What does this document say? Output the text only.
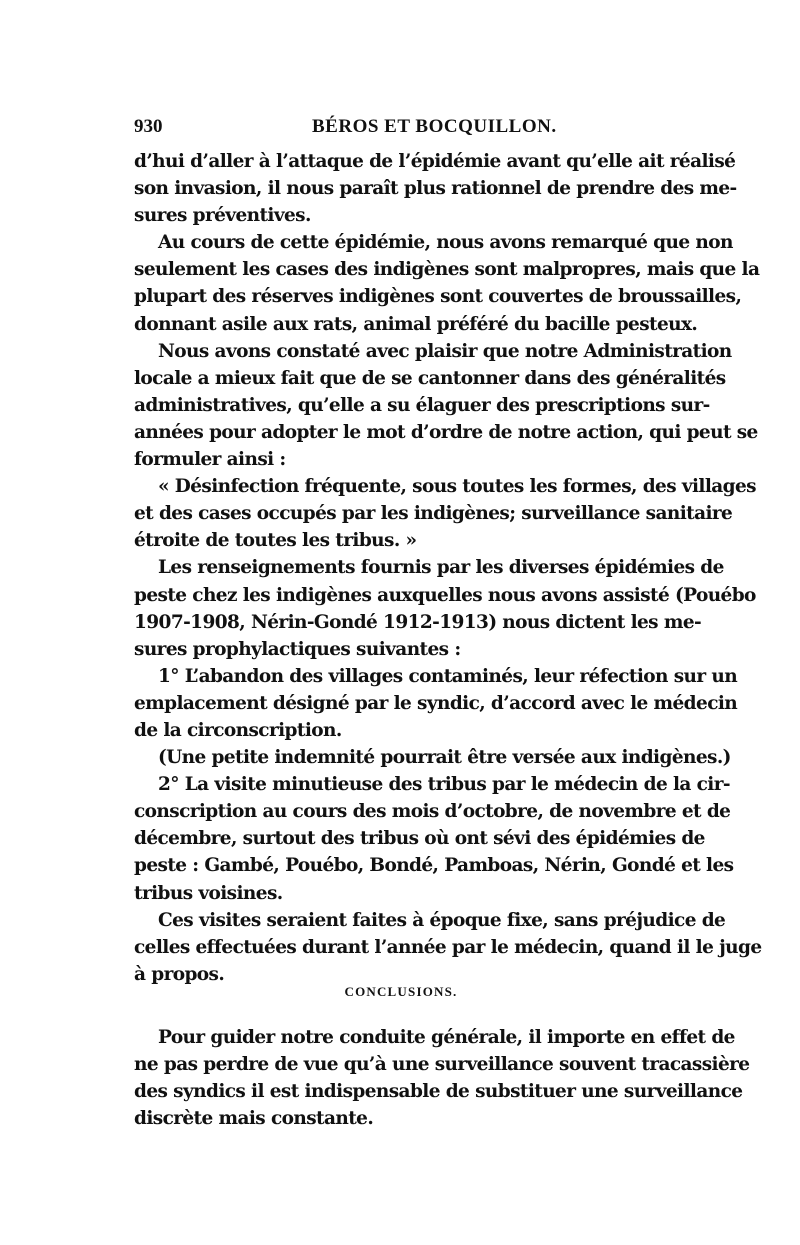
930	BÉROS ET BOCQUILLON.
d’hui d’aller à l’attaque de l’épidémie avant qu’elle ait réalisé
son invasion, il nous paraît plus rationnel de prendre des me-
sures préventives.
Au cours de cette épidémie, nous avons remarqué que non
seulement les cases des indigènes sont malpropres, mais que la
plupart des réserves indigènes sont couvertes de broussailles,
donnant asile aux rats, animal préféré du bacille pesteux.
Nous avons constaté avec plaisir que notre Administration
locale a mieux fait que de se cantonner dans des généralités
administratives, qu’elle a su élaguer des prescriptions sur-
années pour adopter le mot d’ordre de notre action, qui peut se
formuler ainsi :
« Désinfection fréquente, sous toutes les formes, des villages
et des cases occupés par les indigènes; surveillance sanitaire
étroite de toutes les tribus. »
Les renseignements fournis par les diverses épidémies de
peste chez les indigènes auxquelles nous avons assisté (Pouébo
1907-1908, Nérin-Gondé 1912-1913) nous dictent les me-
sures prophylactiques suivantes :
1° L’abandon des villages contaminés, leur réfection sur un
emplacement désigné par le syndic, d’accord avec le médecin
de la circonscription.
(Une petite indemnité pourrait être versée aux indigènes.)
2° La visite minutieuse des tribus par le médecin de la cir-
conscription au cours des mois d’octobre, de novembre et de
décembre, surtout des tribus où ont sévi des épidémies de
peste : Gambé, Pouébo, Bondé, Pamboas, Nérin, Gondé et les
tribus voisines.
Ces visites seraient faites à époque fixe, sans préjudice de
celles effectuées durant l’année par le médecin, quand il le juge
à propos.
CONCLUSIONS.
Pour guider notre conduite générale, il importe en effet de
ne pas perdre de vue qu’à une surveillance souvent tracassière
des syndics il est indispensable de substituer une surveillance
discrète mais constante.
